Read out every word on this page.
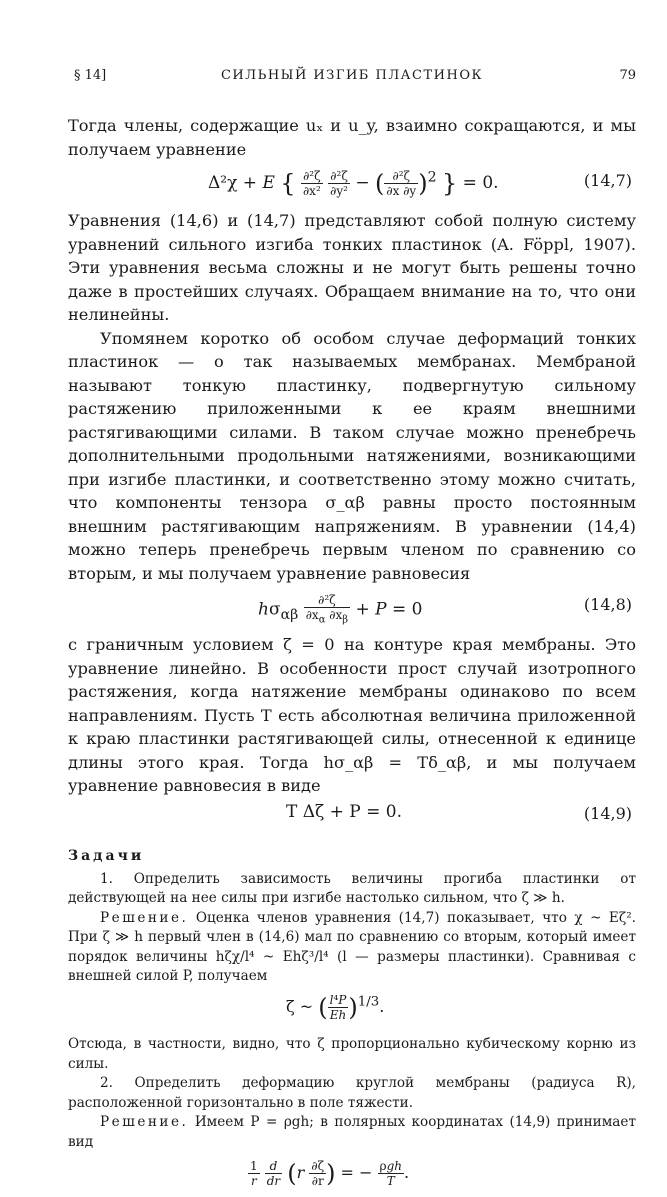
§ 14]	СИЛЬНЫЙ ИЗГИБ ПЛАСТИНОК	79

Тогда члены, содержащие uₓ и u_y, взаимно сокращаются, и мы получаем уравнение

Δ²χ + E { $\frac{\text{∂²ζ}}{\text{∂x²}}$
$\frac{\text{∂²ζ}}{\text{∂y²}}$ − ( $\frac{\text{∂²ζ}}{\partial x \partial y} )^2$ } = 0.	(14,7)

Уравнения (14,6) и (14,7) представляют собой полную систему уравнений сильного изгиба тонких пластинок (A. Föppl, 1907). Эти уравнения весьма сложны и не могут быть решены точно даже в простейших случаях. Обращаем внимание на то, что они нелинейны.

Упомянем коротко об особом случае деформаций тонких пластинок — о так называемых мембранах. Мембраной называют тонкую пластинку, подвергнутую сильному растяжению приложенными к ее краям внешними растягивающими силами. В таком случае можно пренебречь дополнительными продольными натяжениями, возникающими при изгибе пластинки, и соответственно этому можно считать, что компоненты тензора σ_αβ равны просто постоянным внешним растягивающим напряжениям. В уравнении (14,4) можно теперь пренебречь первым членом по сравнению со вторым, и мы получаем уравнение равновесия

$h\sigma_{\alpha\beta} \frac{\text{∂²ζ}}{\partial x_\alpha \partial x_\beta} + P = 0$	(14,8)

с граничным условием ζ = 0 на контуре края мембраны. Это уравнение линейно. В особенности прост случай изотропного растяжения, когда натяжение мембраны одинаково по всем направлениям. Пусть T есть абсолютная величина приложенной к краю пластинки растягивающей силы, отнесенной к единице длины этого края. Тогда hσ_αβ = Tδ_αβ, и мы получаем уравнение равновесия в виде

T Δζ + P = 0.	(14,9)
Задачи

1. Определить зависимость величины прогиба пластинки от действующей на нее силы при изгибе настолько сильном, что ζ ≫ h.

Решение. Оценка членов уравнения (14,7) показывает, что χ ~ Eζ². При ζ ≫ h первый член в (14,6) мал по сравнению со вторым, который имеет порядок величины hζχ/l⁴ ~ Ehζ³/l⁴ (l — размеры пластинки). Сравнивая с внешней силой P, получаем

ζ ~ ( $\frac{\text{l⁴P}}{Eh} )^{1/3}$.

Отсюда, в частности, видно, что ζ пропорционально кубическому корню из силы.

2. Определить деформацию круглой мембраны (радиуса R), расположенной горизонтально в поле тяжести.

Решение. Имеем P = ρgh; в полярных координатах (14,9) принимает вид

$\frac{1}{r}$
$\frac{d}{dr} (r \frac{\partial\zeta}{\partial r}$ ) = − $\frac{\text{ρgh}}{T}$ .
